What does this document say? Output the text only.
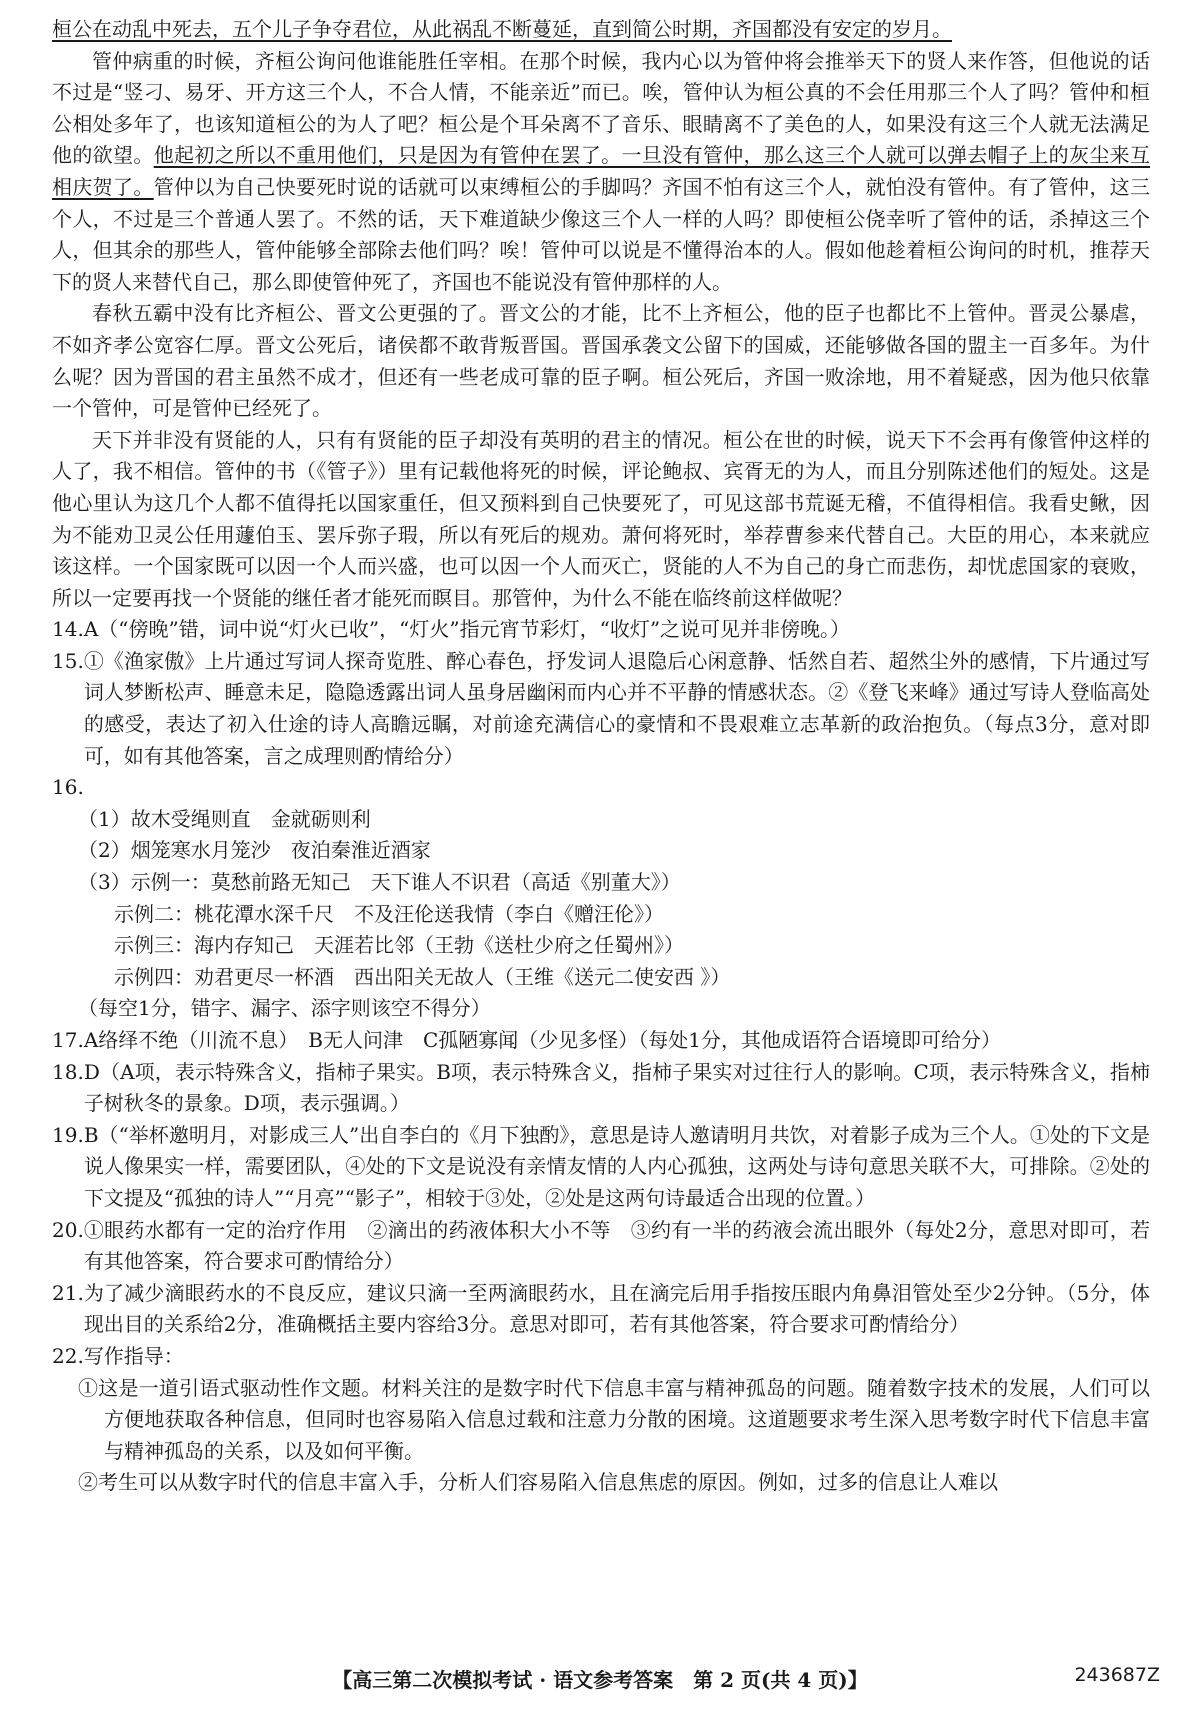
桓公在动乱中死去，五个儿子争夺君位，从此祸乱不断蔓延，直到简公时期，齐国都没有安定的岁月。

管仲病重的时候，齐桓公询问他谁能胜任宰相。在那个时候，我内心以为管仲将会推举天下的贤人来作答，但他说的话不过是“竖刁、易牙、开方这三个人，不合人情，不能亲近”而已。唉，管仲认为桓公真的不会任用那三个人了吗？管仲和桓公相处多年了，也该知道桓公的为人了吧？桓公是个耳朵离不了音乐、眼睛离不了美色的人，如果没有这三个人就无法满足他的欲望。他起初之所以不重用他们，只是因为有管仲在罢了。一旦没有管仲，那么这三个人就可以弹去帽子上的灰尘来互相庆贺了。管仲以为自己快要死时说的话就可以束缚桓公的手脚吗？齐国不怕有这三个人，就怕没有管仲。有了管仲，这三个人，不过是三个普通人罢了。不然的话，天下难道缺少像这三个人一样的人吗？即使桓公侥幸听了管仲的话，杀掉这三个人，但其余的那些人，管仲能够全部除去他们吗？唉！管仲可以说是不懂得治本的人。假如他趁着桓公询问的时机，推荐天下的贤人来替代自己，那么即使管仲死了，齐国也不能说没有管仲那样的人。

春秋五霸中没有比齐桓公、晋文公更强的了。晋文公的才能，比不上齐桓公，他的臣子也都比不上管仲。晋灵公暴虐，不如齐孝公宽容仁厚。晋文公死后，诸侯都不敢背叛晋国。晋国承袭文公留下的国威，还能够做各国的盟主一百多年。为什么呢？因为晋国的君主虽然不成才，但还有一些老成可靠的臣子啊。桓公死后，齐国一败涂地，用不着疑惑，因为他只依靠一个管仲，可是管仲已经死了。

天下并非没有贤能的人，只有有贤能的臣子却没有英明的君主的情况。桓公在世的时候，说天下不会再有像管仲这样的人了，我不相信。管仲的书（《管子》）里有记载他将死的时候，评论鲍叔、宾胥无的为人，而且分别陈述他们的短处。这是他心里认为这几个人都不值得托以国家重任，但又预料到自己快要死了，可见这部书荒诞无稽，不值得相信。我看史鳅，因为不能劝卫灵公任用蘧伯玉、罢斥弥子瑕，所以有死后的规劝。萧何将死时，举荐曹参来代替自己。大臣的用心，本来就应该这样。一个国家既可以因一个人而兴盛，也可以因一个人而灭亡，贤能的人不为自己的身亡而悲伤，却忧虑国家的衰败，所以一定要再找一个贤能的继任者才能死而瞑目。那管仲，为什么不能在临终前这样做呢？

14. A（“傍晚”错，词中说“灯火已收”，“灯火”指元宵节彩灯，“收灯”之说可见并非傍晚。）
15. ①《渔家傲》上片通过写词人探奇览胜、醉心春色，抒发词人退隐后心闲意静、恬然自若、超然尘外的感情，下片通过写词人梦断松声、睡意未足，隐隐透露出词人虽身居幽闲而内心并不平静的情感状态。②《登飞来峰》通过写诗人登临高处的感受，表达了初入仕途的诗人高瞻远瞩，对前途充满信心的豪情和不畏艰难立志革新的政治抱负。（每点3分，意对即可，如有其他答案，言之成理则酌情给分）
16.
（1）故木受绳则直　金就砺则利
（2）烟笼寒水月笼沙　夜泊秦淮近酒家
（3）示例一：莫愁前路无知己　天下谁人不识君（高适《别董大》）
示例二：桃花潭水深千尺　不及汪伦送我情（李白《赠汪伦》）
示例三：海内存知己　天涯若比邻（王勃《送杜少府之任蜀州》）
示例四：劝君更尽一杯酒　西出阳关无故人（王维《送元二使安西 》）
（每空1分，错字、漏字、添字则该空不得分）
17. A络绎不绝（川流不息）　B无人问津　C孤陋寡闻（少见多怪）（每处1分，其他成语符合语境即可给分）
18. D（A项，表示特殊含义，指柿子果实。B项，表示特殊含义，指柿子果实对过往行人的影响。C项，表示特殊含义，指柿子树秋冬的景象。D项，表示强调。）
19. B（“举杯邀明月，对影成三人”出自李白的《月下独酌》，意思是诗人邀请明月共饮，对着影子成为三个人。①处的下文是说人像果实一样，需要团队，④处的下文是说没有亲情友情的人内心孤独，这两处与诗句意思关联不大，可排除。②处的下文提及“孤独的诗人”“月亮”“影子”，相较于③处，②处是这两句诗最适合出现的位置。）
20. ①眼药水都有一定的治疗作用　②滴出的药液体积大小不等　③约有一半的药液会流出眼外（每处2分，意思对即可，若有其他答案，符合要求可酌情给分）
21. 为了减少滴眼药水的不良反应，建议只滴一至两滴眼药水，且在滴完后用手指按压眼内角鼻泪管处至少2分钟。（5分，体现出目的关系给2分，准确概括主要内容给3分。意思对即可，若有其他答案，符合要求可酌情给分）
22. 写作指导：
①这是一道引语式驱动性作文题。材料关注的是数字时代下信息丰富与精神孤岛的问题。随着数字技术的发展，人们可以方便地获取各种信息，但同时也容易陷入信息过载和注意力分散的困境。这道题要求考生深入思考数字时代下信息丰富与精神孤岛的关系，以及如何平衡。
②考生可以从数字时代的信息丰富入手，分析人们容易陷入信息焦虑的原因。例如，过多的信息让人难以
【高三第二次模拟考试 · 语文参考答案　第 2 页(共 4 页)】	243687Z
